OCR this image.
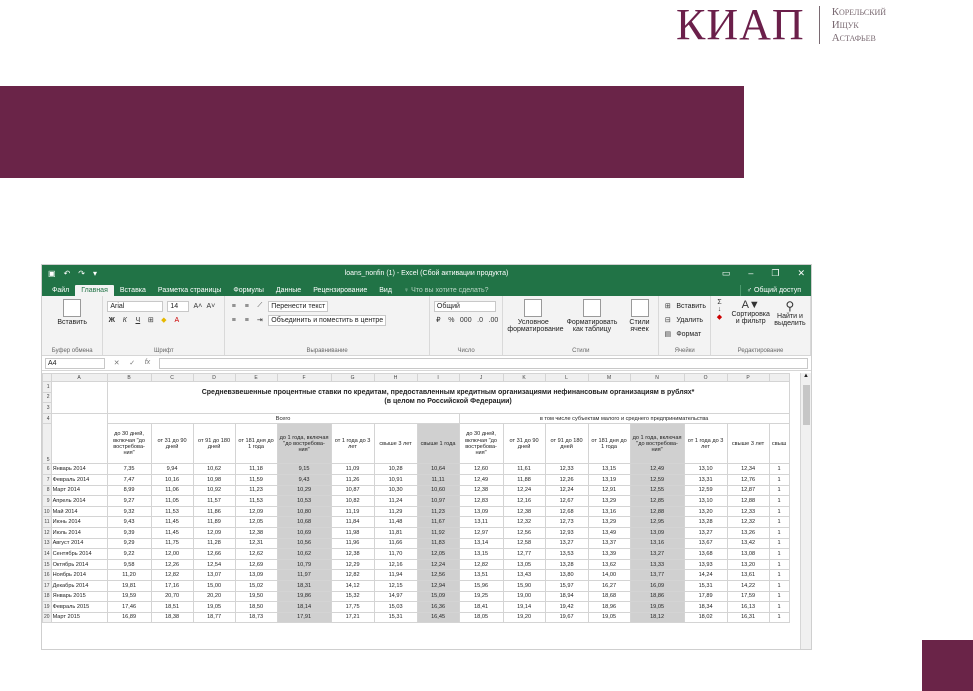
КИАП Корельский
Ищук
Астафьев
▣ ↶ ↷ ▾	loans_nonfin (1) - Excel (Сбой активации продукта)	▭ – ❐ ✕
Файл	Главная	Вставка	Разметка страницы	Формулы	Данные	Рецензирование	Вид	♀ Что вы хотите сделать?	♂ Общий доступ
Вставить
Буфер обмена
Arial	14	A˄ A˅
Ж	К	Ч	⊞ ◆	A
Шрифт
≡	≡	⟋	Перенести текст
≡	≡	⇥	Объединить и поместить в центре
Выравнивание
Общий
₽	% 000 .0 .00
Число
Условное форматирование
Форматировать как таблицу
Стили ячеек
Стили
⊞ Вставить
⊟ Удалить
▤ Формат
Ячейки
Σ ↓ ◆
A▼
Сортировка и фильтр
⚲
Найти и выделить
Редактирование
A4	✕ ✓ fx
	A	B	C	D	E	F	G	H	I	J	K	L	M	N	O	P	
1		Средневзвешенные процентные ставки по кредитам, предоставленным кредитным организациями нефинансовым организациям в рублях*
(в целом по Российской Федерации)															

2																	
3																	
4		Всего								в том числе субъектам малого и среднего предпринимательства							
5		до 30 дней, включая "до востребова-ния"	от 31 до 90 дней	от 91 до 180 дней	от 181 дня до 1 года	до 1 года, включая "до востребова-ния"	от 1 года до 3 лет	свыше 3 лет	свыше 1 года	до 30 дней, включая "до востребова-ния"	от 31 до 90 дней	от 91 до 180 дней	от 181 дня до 1 года	до 1 года, включая "до востребова-ния"	от 1 года до 3 лет	свыше 3 лет	свыш
6	Январь 2014	7,35	9,94	10,62	11,18	9,15	11,09	10,28	10,64	12,60	11,61	12,33	13,15	12,49	13,10	12,34	1
7	Февраль 2014	7,47	10,16	10,98	11,59	9,43	11,26	10,91	11,11	12,49	11,88	12,26	13,19	12,59	13,31	12,76	1
8	Март 2014	8,99	11,06	10,92	11,23	10,29	10,87	10,30	10,60	12,38	12,24	12,24	12,91	12,55	12,59	12,87	1
9	Апрель 2014	9,27	11,05	11,57	11,53	10,53	10,82	11,24	10,97	12,83	12,16	12,67	13,29	12,85	13,10	12,88	1
10	Май 2014	9,32	11,53	11,86	12,09	10,80	11,19	11,29	11,23	13,09	12,38	12,68	13,16	12,88	13,20	12,33	1
11	Июнь 2014	9,43	11,45	11,89	12,05	10,68	11,84	11,48	11,67	13,11	12,32	12,73	13,29	12,95	13,28	12,32	1
12	Июль 2014	9,39	11,45	12,09	12,38	10,69	11,98	11,81	11,92	12,97	12,56	12,93	13,49	13,09	13,27	13,26	1
13	Август 2014	9,29	11,75	11,28	12,31	10,56	11,96	11,66	11,83	13,14	12,58	13,27	13,37	13,16	13,67	13,42	1
14	Сентябрь 2014	9,22	12,00	12,66	12,62	10,62	12,38	11,70	12,05	13,15	12,77	13,53	13,39	13,27	13,68	13,08	1
15	Октябрь 2014	9,58	12,26	12,54	12,69	10,79	12,29	12,16	12,24	12,82	13,05	13,28	13,62	13,33	13,93	13,20	1
16	Ноябрь 2014	11,20	12,82	13,07	13,09	11,97	12,82	11,94	12,56	13,51	13,43	13,80	14,00	13,77	14,24	13,61	1
17	Декабрь 2014	19,81	17,16	15,00	15,02	18,31	14,12	12,15	12,94	15,96	15,90	15,97	16,27	16,09	15,31	14,22	1
18	Январь 2015	19,59	20,70	20,20	19,50	19,86	15,32	14,97	15,09	19,25	19,00	18,94	18,68	18,86	17,89	17,59	1
19	Февраль 2015	17,46	18,51	19,05	18,50	18,14	17,75	15,03	16,36	18,41	19,14	19,42	18,96	19,05	18,34	16,13	1
20	Март 2015	16,89	18,38	18,77	18,73	17,91	17,21	15,31	16,45	18,05	19,20	19,67	19,05	18,12	18,02	16,31	1
▲
